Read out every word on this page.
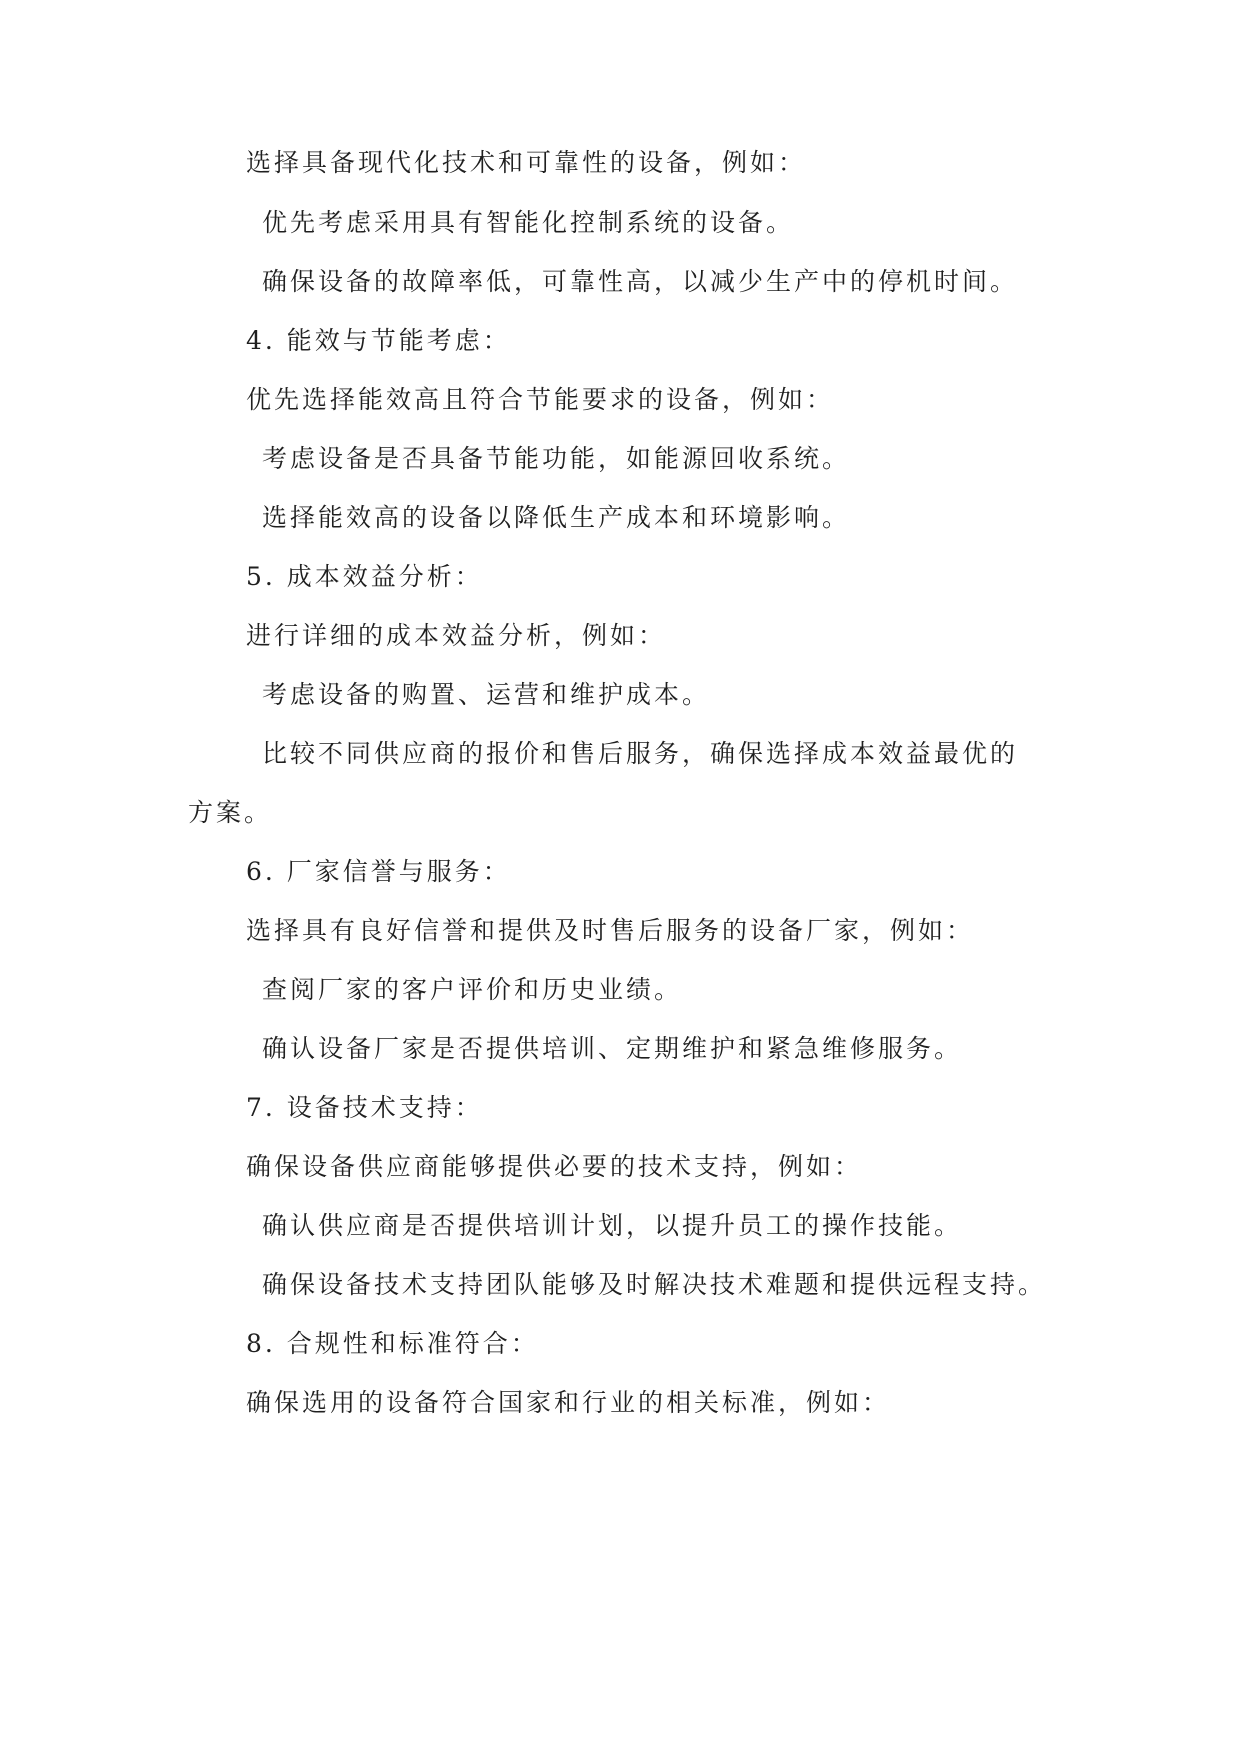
选择具备现代化技术和可靠性的设备，例如：
优先考虑采用具有智能化控制系统的设备。
确保设备的故障率低，可靠性高，以减少生产中的停机时间。
4. 能效与节能考虑：
优先选择能效高且符合节能要求的设备，例如：
考虑设备是否具备节能功能，如能源回收系统。
选择能效高的设备以降低生产成本和环境影响。
5. 成本效益分析：
进行详细的成本效益分析，例如：
考虑设备的购置、运营和维护成本。
比较不同供应商的报价和售后服务，确保选择成本效益最优的
方案。
6. 厂家信誉与服务：
选择具有良好信誉和提供及时售后服务的设备厂家，例如：
查阅厂家的客户评价和历史业绩。
确认设备厂家是否提供培训、定期维护和紧急维修服务。
7. 设备技术支持：
确保设备供应商能够提供必要的技术支持，例如：
确认供应商是否提供培训计划，以提升员工的操作技能。
确保设备技术支持团队能够及时解决技术难题和提供远程支持。
8. 合规性和标准符合：
确保选用的设备符合国家和行业的相关标准，例如：
